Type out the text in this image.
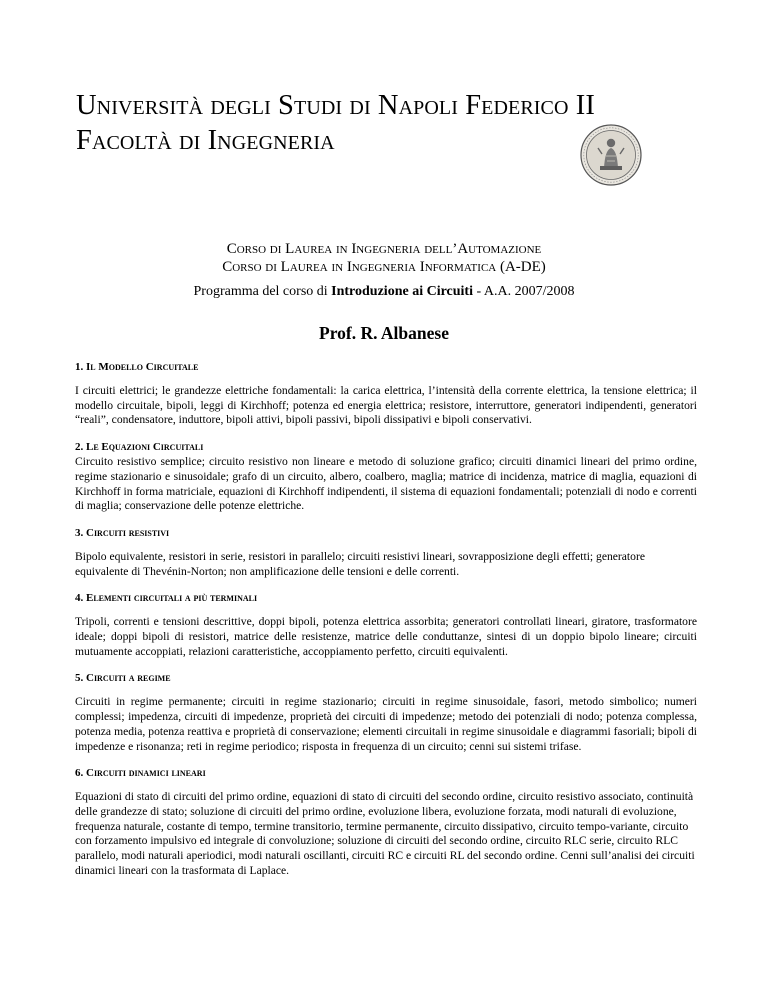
Università degli Studi di Napoli Federico II
Facoltà di Ingegneria
Corso di Laurea in Ingegneria dell’Automazione
Corso di Laurea in Ingegneria Informatica (A-DE)
Programma del corso di Introduzione ai Circuiti - A.A. 2007/2008
Prof. R. Albanese
1. Il Modello Circuitale

I circuiti elettrici; le grandezze elettriche fondamentali: la carica elettrica, l’intensità della corrente elettrica, la tensione elettrica; il modello circuitale, bipoli, leggi di Kirchhoff; potenza ed energia elettrica; resistore, interruttore, generatori indipendenti, generatori “reali”, condensatore, induttore, bipoli attivi, bipoli passivi, bipoli dissipativi e bipoli conservativi.

2. Le Equazioni Circuitali

Circuito resistivo semplice; circuito resistivo non lineare e metodo di soluzione grafico; circuiti dinamici lineari del primo ordine, regime stazionario e sinusoidale; grafo di un circuito, albero, coalbero, maglia; matrice di incidenza, matrice di maglia, equazioni di Kirchhoff in forma matriciale, equazioni di Kirchhoff indipendenti, il sistema di equazioni fondamentali; potenziali di nodo e correnti di maglia; conservazione delle potenze elettriche.

3. Circuiti resistivi

Bipolo equivalente, resistori in serie, resistori in parallelo; circuiti resistivi lineari, sovrapposizione degli effetti; generatore equivalente di Thevénin-Norton; non amplificazione delle tensioni e delle correnti.

4. Elementi circuitali a più terminali

Tripoli, correnti e tensioni descrittive, doppi bipoli, potenza elettrica assorbita; generatori controllati lineari, giratore, trasformatore ideale; doppi bipoli di resistori, matrice delle resistenze, matrice delle conduttanze, sintesi di un doppio bipolo lineare; circuiti mutuamente accoppiati, relazioni caratteristiche, accoppiamento perfetto, circuiti equivalenti.

5. Circuiti a regime

Circuiti in regime permanente; circuiti in regime stazionario; circuiti in regime sinusoidale, fasori, metodo simbolico; numeri complessi; impedenza, circuiti di impedenze, proprietà dei circuiti di impedenze; metodo dei potenziali di nodo; potenza complessa, potenza media, potenza reattiva e proprietà di conservazione; elementi circuitali in regime sinusoidale e diagrammi fasoriali; bipoli di impedenze e risonanza; reti in regime periodico; risposta in frequenza di un circuito; cenni sui sistemi trifase.

6. Circuiti dinamici lineari

Equazioni di stato di circuiti del primo ordine, equazioni di stato di circuiti del secondo ordine, circuito resistivo associato, continuità delle grandezze di stato; soluzione di circuiti del primo ordine, evoluzione libera, evoluzione forzata, modi naturali di evoluzione, frequenza naturale, costante di tempo, termine transitorio, termine permanente, circuito dissipativo, circuito tempo-variante, circuito con forzamento impulsivo ed integrale di convoluzione; soluzione di circuiti del secondo ordine, circuito RLC serie, circuito RLC parallelo, modi naturali aperiodici, modi naturali oscillanti, circuiti RC e circuiti RL del secondo ordine. Cenni sull’analisi dei circuiti dinamici lineari con la trasformata di Laplace.
